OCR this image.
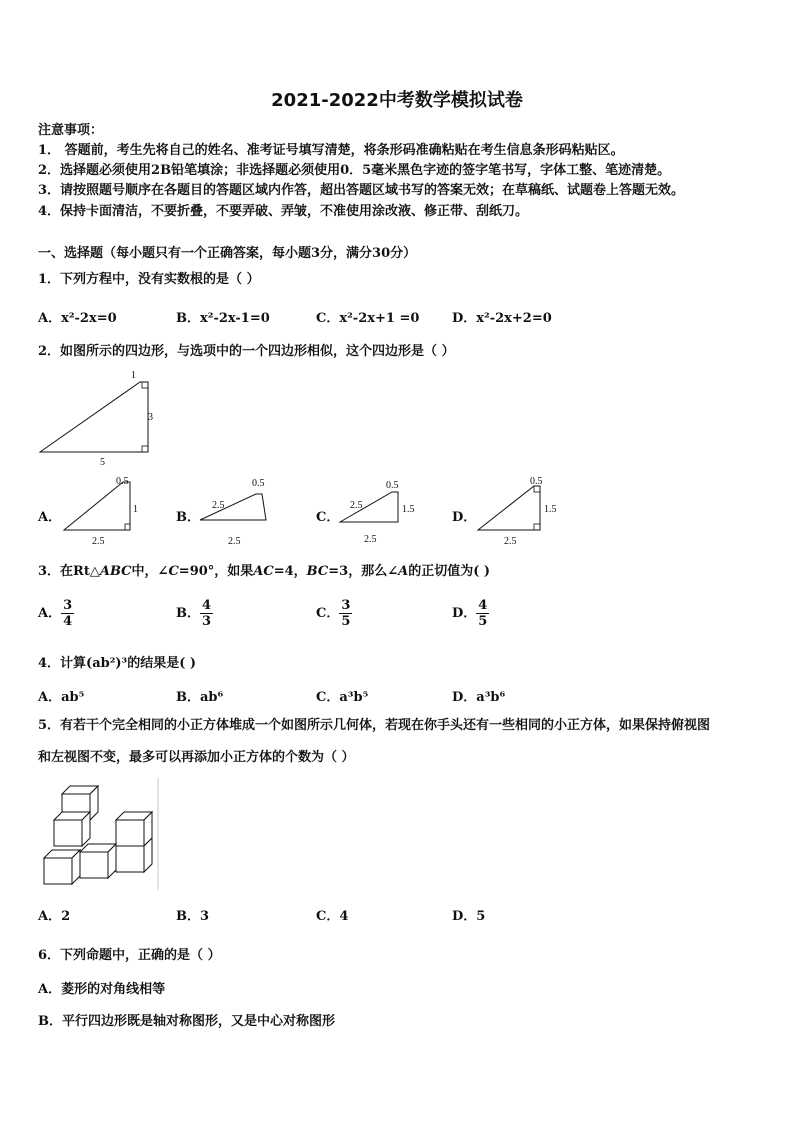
2021-2022中考数学模拟试卷
注意事项：
1． 答题前，考生先将自己的姓名、准考证号填写清楚，将条形码准确粘贴在考生信息条形码粘贴区。
2．选择题必须使用2B铅笔填涂；非选择题必须使用0．5毫米黑色字迹的签字笔书写，字体工整、笔迹清楚。
3．请按照题号顺序在各题目的答题区域内作答，超出答题区域书写的答案无效；在草稿纸、试题卷上答题无效。
4．保持卡面清洁，不要折叠，不要弄破、弄皱，不准使用涂改液、修正带、刮纸刀。
一、选择题（每小题只有一个正确答案，每小题3分，满分30分）
1．下列方程中，没有实数根的是（ ）
A．x²-2x=0	B．x²-2x-1=0	C．x²-2x+1 =0	D．x²-2x+2=0
2．如图所示的四边形，与选项中的一个四边形相似，这个四边形是（ ）
1
3
5
A．
0.5
1
2.5
B．
0.5
2.5
2.5
C．
0.5
2.5	1.5
2.5
D．
0.5
1.5
2.5
3．在Rt△ABC中，∠C=90°，如果AC=4，BC=3，那么∠A的正切值为( )
A． $\frac{3}{4}$	B． $\frac{4}{3}$	C． $\frac{3}{5}$	D． $\frac{4}{5}$
4．计算(ab²)³的结果是( )
A．ab⁵	B．ab⁶	C．a³b⁵	D．a³b⁶
5．有若干个完全相同的小正方体堆成一个如图所示几何体，若现在你手头还有一些相同的小正方体，如果保持俯视图
和左视图不变，最多可以再添加小正方体的个数为（ ）
A．2	B．3	C．4	D．5
6．下列命题中，正确的是（ ）
A．菱形的对角线相等
B．平行四边形既是轴对称图形，又是中心对称图形
